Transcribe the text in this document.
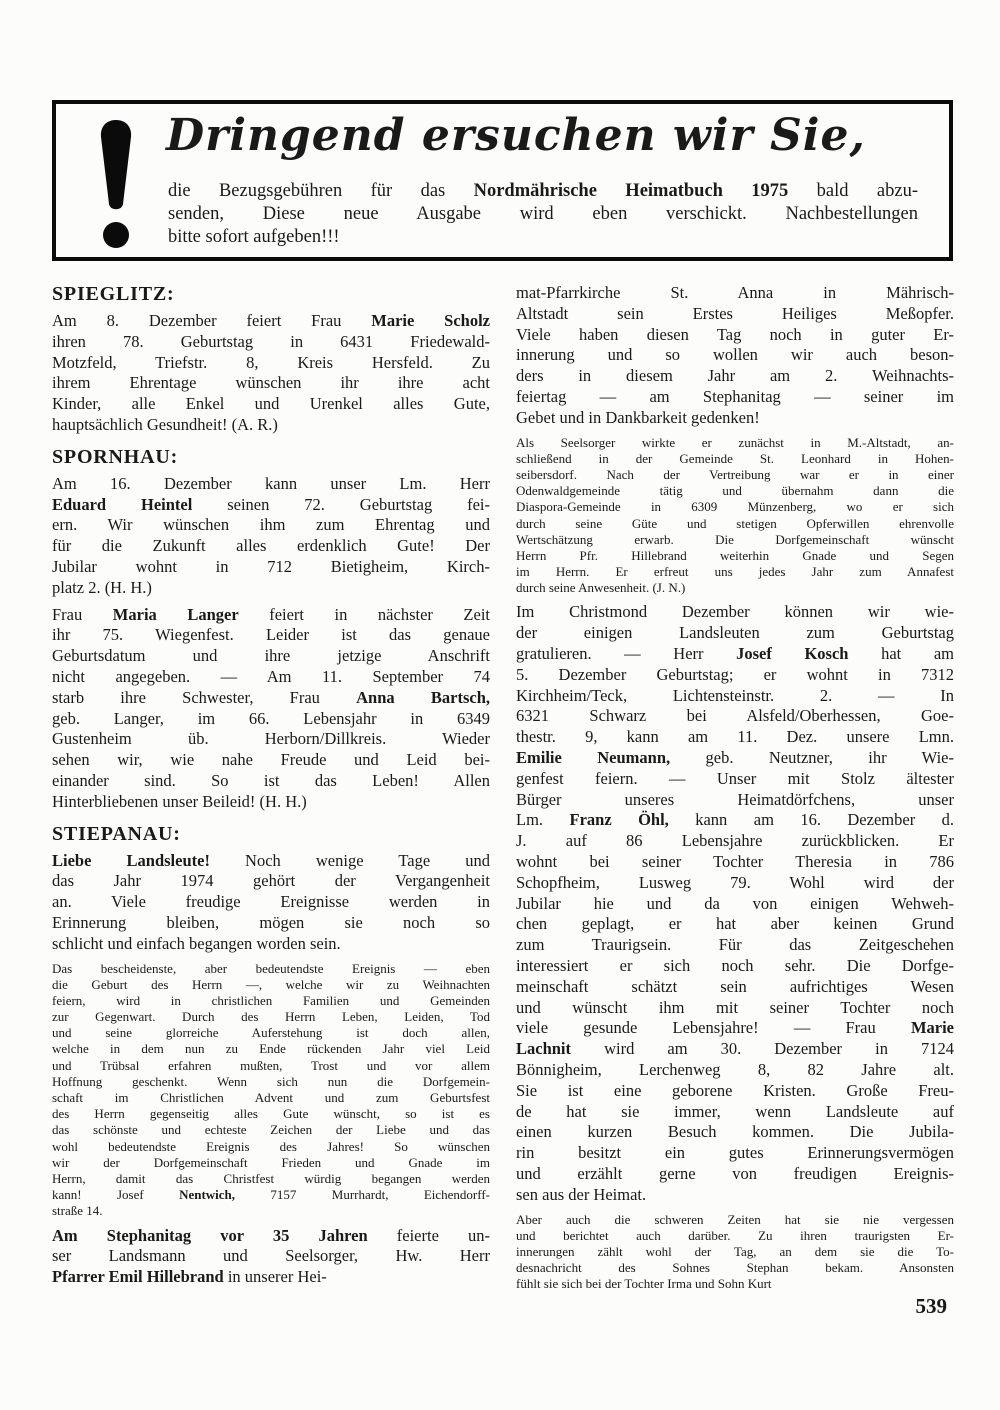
Dringend ersuchen wir Sie,
die Bezugsgebühren für das Nordmährische Heimatbuch 1975 bald abzu-
senden, Diese neue Ausgabe wird eben verschickt. Nachbestellungen
bitte sofort aufgeben!!!
SPIEGLITZ:
Am 8. Dezember feiert Frau Marie Scholz
ihren 78. Geburtstag in 6431 Friedewald-
Motzfeld, Triefstr. 8, Kreis Hersfeld. Zu
ihrem Ehrentage wünschen ihr ihre acht
Kinder, alle Enkel und Urenkel alles Gute,
hauptsächlich Gesundheit! (A. R.)
SPORNHAU:
Am 16. Dezember kann unser Lm. Herr
Eduard Heintel seinen 72. Geburtstag fei-
ern. Wir wünschen ihm zum Ehrentag und
für die Zukunft alles erdenklich Gute! Der
Jubilar wohnt in 712 Bietigheim, Kirch-
platz 2. (H. H.)
Frau Maria Langer feiert in nächster Zeit
ihr 75. Wiegenfest. Leider ist das genaue
Geburtsdatum und ihre jetzige Anschrift
nicht angegeben. — Am 11. September 74
starb ihre Schwester, Frau Anna Bartsch,
geb. Langer, im 66. Lebensjahr in 6349
Gustenheim üb. Herborn/Dillkreis. Wieder
sehen wir, wie nahe Freude und Leid bei-
einander sind. So ist das Leben! Allen
Hinterbliebenen unser Beileid! (H. H.)
STIEPANAU:
Liebe Landsleute! Noch wenige Tage und
das Jahr 1974 gehört der Vergangenheit
an. Viele freudige Ereignisse werden in
Erinnerung bleiben, mögen sie noch so
schlicht und einfach begangen worden sein.
Das bescheidenste, aber bedeutendste Ereignis — eben
die Geburt des Herrn —, welche wir zu Weihnachten
feiern, wird in christlichen Familien und Gemeinden
zur Gegenwart. Durch des Herrn Leben, Leiden, Tod
und seine glorreiche Auferstehung ist doch allen,
welche in dem nun zu Ende rückenden Jahr viel Leid
und Trübsal erfahren mußten, Trost und vor allem
Hoffnung geschenkt. Wenn sich nun die Dorfgemein-
schaft im Christlichen Advent und zum Geburtsfest
des Herrn gegenseitig alles Gute wünscht, so ist es
das schönste und echteste Zeichen der Liebe und das
wohl bedeutendste Ereignis des Jahres! So wünschen
wir der Dorfgemeinschaft Frieden und Gnade im
Herrn, damit das Christfest würdig begangen werden
kann! Josef Nentwich, 7157 Murrhardt, Eichendorff-
straße 14.
Am Stephanitag vor 35 Jahren feierte un-
ser Landsmann und Seelsorger, Hw. Herr
Pfarrer Emil Hillebrand in unserer Hei-
mat-Pfarrkirche St. Anna in Mährisch-
Altstadt sein Erstes Heiliges Meßopfer.
Viele haben diesen Tag noch in guter Er-
innerung und so wollen wir auch beson-
ders in diesem Jahr am 2. Weihnachts-
feiertag — am Stephanitag — seiner im
Gebet und in Dankbarkeit gedenken!
Als Seelsorger wirkte er zunächst in M.-Altstadt, an-
schließend in der Gemeinde St. Leonhard in Hohen-
seibersdorf. Nach der Vertreibung war er in einer
Odenwaldgemeinde tätig und übernahm dann die
Diaspora-Gemeinde in 6309 Münzenberg, wo er sich
durch seine Güte und stetigen Opferwillen ehrenvolle
Wertschätzung erwarb. Die Dorfgemeinschaft wünscht
Herrn Pfr. Hillebrand weiterhin Gnade und Segen
im Herrn. Er erfreut uns jedes Jahr zum Annafest
durch seine Anwesenheit. (J. N.)
Im Christmond Dezember können wir wie-
der einigen Landsleuten zum Geburtstag
gratulieren. — Herr Josef Kosch hat am
5. Dezember Geburtstag; er wohnt in 7312
Kirchheim/Teck, Lichtensteinstr. 2. — In
6321 Schwarz bei Alsfeld/Oberhessen, Goe-
thestr. 9, kann am 11. Dez. unsere Lmn.
Emilie Neumann, geb. Neutzner, ihr Wie-
genfest feiern. — Unser mit Stolz ältester
Bürger unseres Heimatdörfchens, unser
Lm. Franz Öhl, kann am 16. Dezember d.
J. auf 86 Lebensjahre zurückblicken. Er
wohnt bei seiner Tochter Theresia in 786
Schopfheim, Lusweg 79. Wohl wird der
Jubilar hie und da von einigen Wehweh-
chen geplagt, er hat aber keinen Grund
zum Traurigsein. Für das Zeitgeschehen
interessiert er sich noch sehr. Die Dorfge-
meinschaft schätzt sein aufrichtiges Wesen
und wünscht ihm mit seiner Tochter noch
viele gesunde Lebensjahre! — Frau Marie
Lachnit wird am 30. Dezember in 7124
Bönnigheim, Lerchenweg 8, 82 Jahre alt.
Sie ist eine geborene Kristen. Große Freu-
de hat sie immer, wenn Landsleute auf
einen kurzen Besuch kommen. Die Jubila-
rin besitzt ein gutes Erinnerungsvermögen
und erzählt gerne von freudigen Ereignis-
sen aus der Heimat.
Aber auch die schweren Zeiten hat sie nie vergessen
und berichtet auch darüber. Zu ihren traurigsten Er-
innerungen zählt wohl der Tag, an dem sie die To-
desnachricht des Sohnes Stephan bekam. Ansonsten
fühlt sie sich bei der Tochter Irma und Sohn Kurt
539
